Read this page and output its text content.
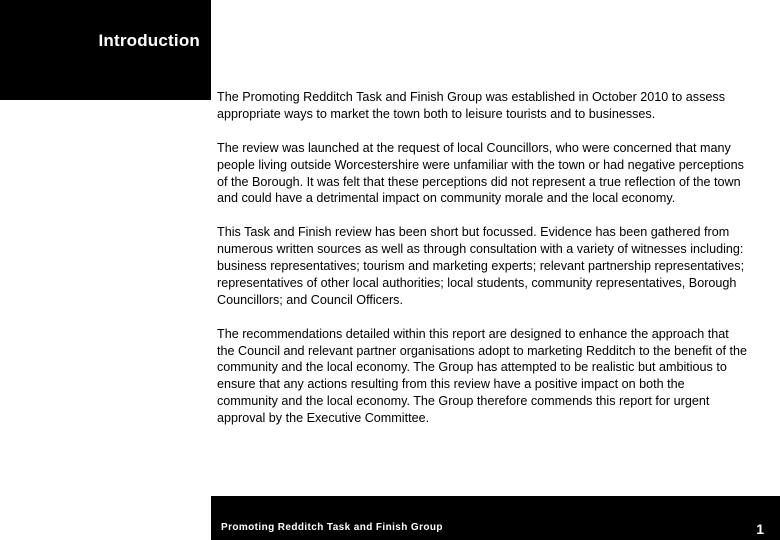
Introduction

The Promoting Redditch Task and Finish Group was established in October 2010 to assess appropriate ways to market the town both to leisure tourists and to businesses.

The review was launched at the request of local Councillors, who were concerned that many people living outside Worcestershire were unfamiliar with the town or had negative perceptions of the Borough. It was felt that these perceptions did not represent a true reflection of the town and could have a detrimental impact on community morale and the local economy.

This Task and Finish review has been short but focussed. Evidence has been gathered from numerous written sources as well as through consultation with a variety of witnesses including: business representatives; tourism and marketing experts; relevant partnership representatives; representatives of other local authorities; local students, community representatives, Borough Councillors; and Council Officers.

The recommendations detailed within this report are designed to enhance the approach that the Council and relevant partner organisations adopt to marketing Redditch to the benefit of the community and the local economy. The Group has attempted to be realistic but ambitious to ensure that any actions resulting from this review have a positive impact on both the community and the local economy. The Group therefore commends this report for urgent approval by the Executive Committee.

Promoting Redditch Task and Finish Group	1
